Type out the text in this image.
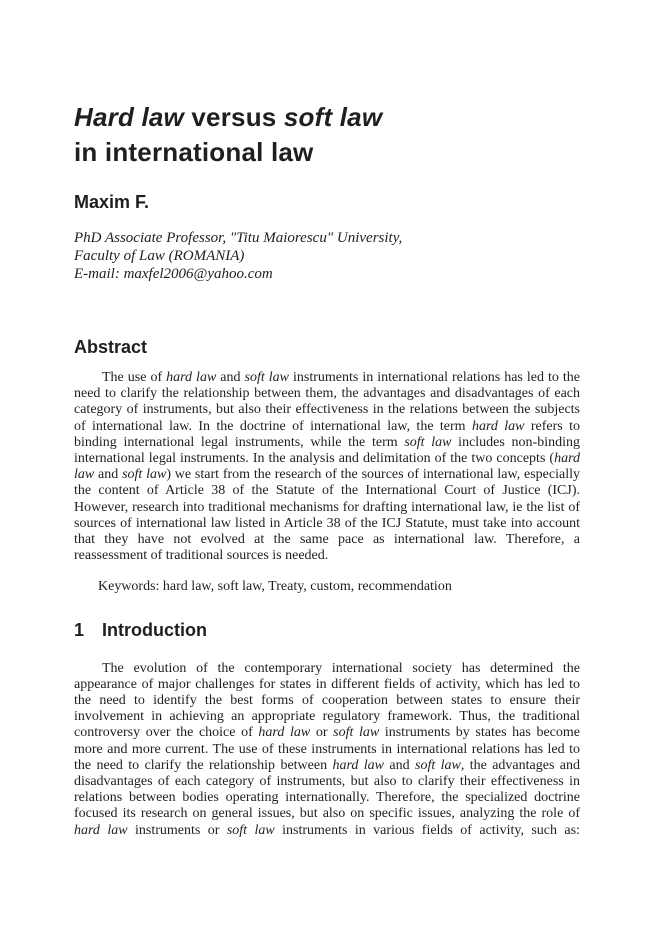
Hard law versus soft law
in international law
Maxim F.
PhD Associate Professor, "Titu Maiorescu" University,
Faculty of Law (ROMANIA)
E-mail: maxfel2006@yahoo.com
Abstract

The use of hard law and soft law instruments in international relations has led to the need to clarify the relationship between them, the advantages and disadvantages of each category of instruments, but also their effectiveness in the relations between the subjects of international law. In the doctrine of international law, the term hard law refers to binding international legal instruments, while the term soft law includes non-binding international legal instruments. In the analysis and delimitation of the two concepts (hard law and soft law) we start from the research of the sources of international law, especially the content of Article 38 of the Statute of the International Court of Justice (ICJ). However, research into traditional mechanisms for drafting international law, ie the list of sources of international law listed in Article 38 of the ICJ Statute, must take into account that they have not evolved at the same pace as international law. Therefore, a reassessment of traditional sources is needed.

Keywords: hard law, soft law, Treaty, custom, recommendation

1 Introduction

The evolution of the contemporary international society has determined the appearance of major challenges for states in different fields of activity, which has led to the need to identify the best forms of cooperation between states to ensure their involvement in achieving an appropriate regulatory framework. Thus, the traditional controversy over the choice of hard law or soft law instruments by states has become more and more current. The use of these instruments in international relations has led to the need to clarify the relationship between hard law and soft law, the advantages and disadvantages of each category of instruments, but also to clarify their effectiveness in relations between bodies operating internationally. Therefore, the specialized doctrine focused its research on general issues, but also on specific issues, analyzing the role of hard law instruments or soft law instruments in various fields of activity, such as:
